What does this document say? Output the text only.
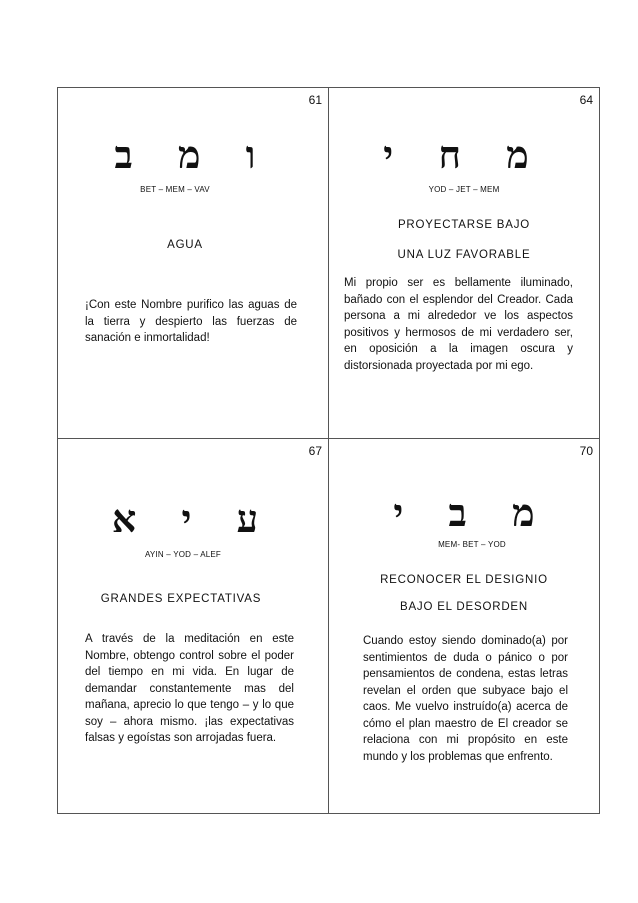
61
ו מ ב
BET – MEM – VAV
AGUA

¡Con este Nombre purifico las aguas de la tierra y despierto las fuerzas de sanación e inmortalidad!

64
מ ח י
YOD – JET – MEM
PROYECTARSE BAJO
UNA LUZ FAVORABLE

Mi propio ser es bellamente iluminado, bañado con el esplendor del Creador. Cada persona a mi alrededor ve los aspectos positivos y hermosos de mi verdadero ser, en oposición a la imagen oscura y distorsionada proyectada por mi ego.

67
ע י א
AYIN – YOD – ALEF
GRANDES EXPECTATIVAS

A través de la meditación en este Nombre, obtengo control sobre el poder del tiempo en mi vida. En lugar de demandar constantemente mas del mañana, aprecio lo que tengo – y lo que soy – ahora mismo. ¡las expectativas falsas y egoístas son arrojadas fuera.

70
מ ב י
MEM- BET – YOD
RECONOCER EL DESIGNIO
BAJO EL DESORDEN

Cuando estoy siendo dominado(a) por sentimientos de duda o pánico o por pensamientos de condena, estas letras revelan el orden que subyace bajo el caos. Me vuelvo instruído(a) acerca de cómo el plan maestro de El creador se relaciona con mi propósito en este mundo y los problemas que enfrento.
